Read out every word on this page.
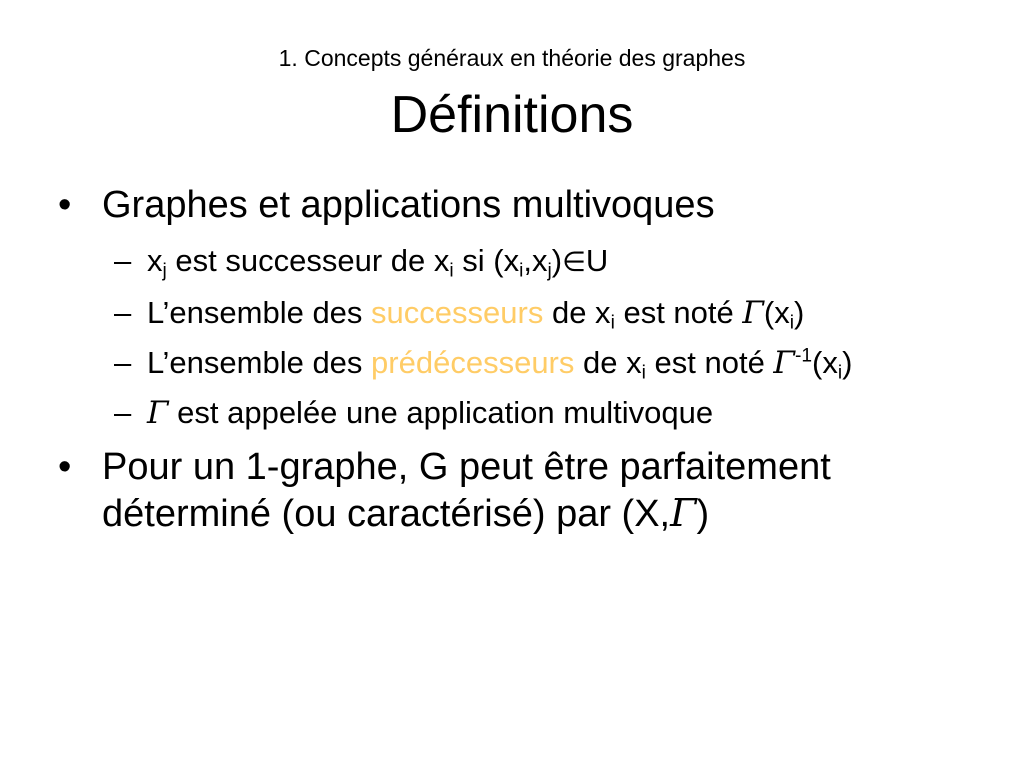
1. Concepts généraux en théorie des graphes
Définitions
• Graphes et applications multivoques
– $x_j$ est successeur de $x_i$ si $(x_i,x_j)\in U$
– L’ensemble des successeurs de $x_i$ est noté $\Gamma(x_i)$
– L’ensemble des prédécesseurs de $x_i$ est noté $\Gamma^{-1}(x_i)$
– Γ est appelée une application multivoque
• Pour un 1-graphe, G peut être parfaitement déterminé (ou caractérisé) par (X,Γ)
